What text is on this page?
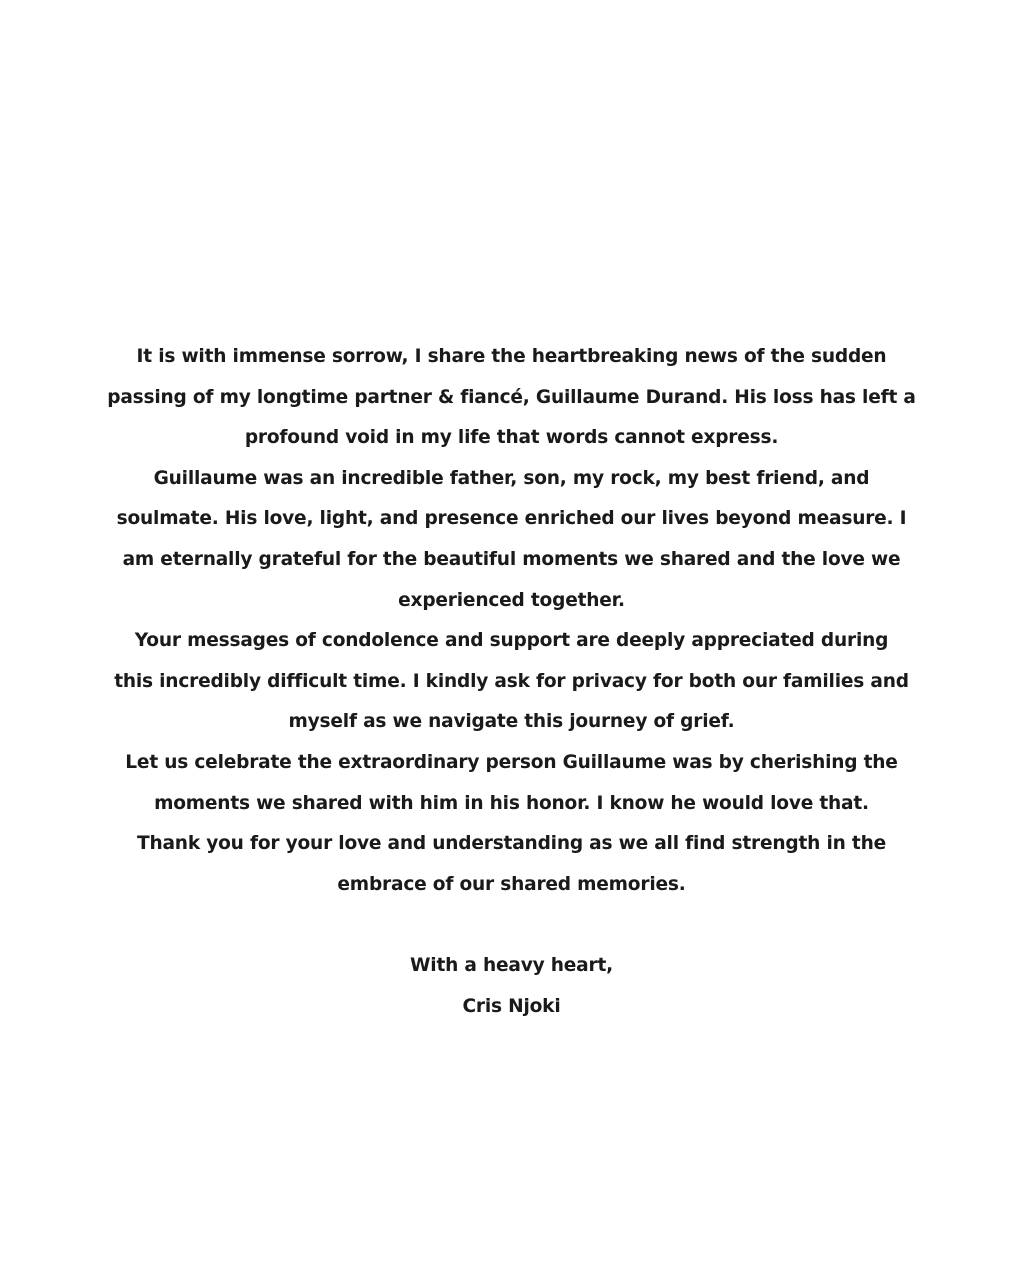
It is with immense sorrow, I share the heartbreaking news of the sudden
passing of my longtime partner & fiancé, Guillaume Durand. His loss has left a
profound void in my life that words cannot express.
Guillaume was an incredible father, son, my rock, my best friend, and
soulmate. His love, light, and presence enriched our lives beyond measure. I
am eternally grateful for the beautiful moments we shared and the love we
experienced together.
Your messages of condolence and support are deeply appreciated during
this incredibly difficult time. I kindly ask for privacy for both our families and
myself as we navigate this journey of grief.
Let us celebrate the extraordinary person Guillaume was by cherishing the
moments we shared with him in his honor. I know he would love that.
Thank you for your love and understanding as we all find strength in the
embrace of our shared memories.
With a heavy heart,
Cris Njoki
